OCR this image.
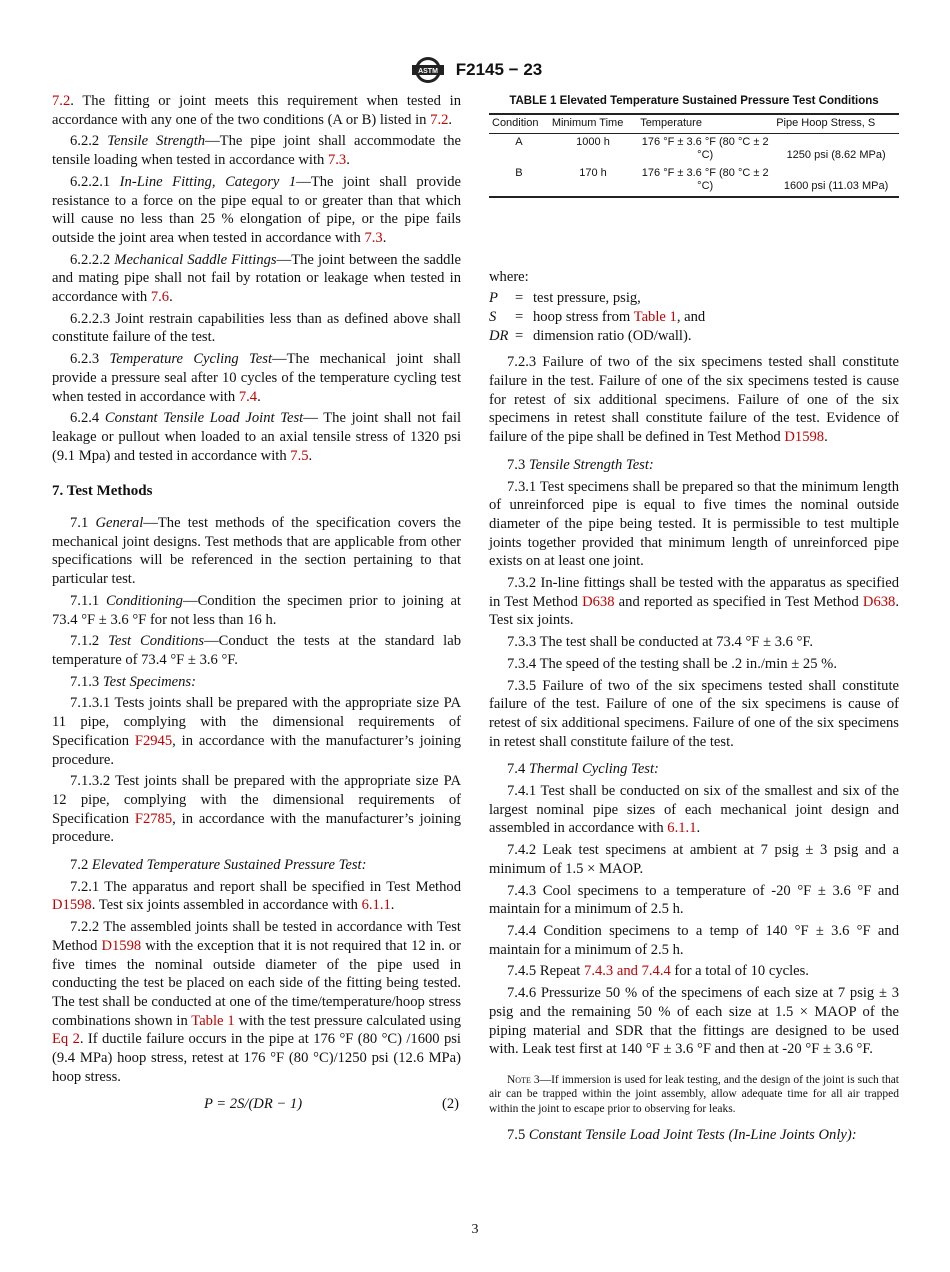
ASTM F2145 − 23

7.2. The fitting or joint meets this requirement when tested in accordance with any one of the two conditions (A or B) listed in 7.2.

6.2.2 Tensile Strength—The pipe joint shall accommodate the tensile loading when tested in accordance with 7.3.

6.2.2.1 In-Line Fitting, Category 1—The joint shall provide resistance to a force on the pipe equal to or greater than that which will cause no less than 25 % elongation of pipe, or the pipe fails outside the joint area when tested in accordance with 7.3.

6.2.2.2 Mechanical Saddle Fittings—The joint between the saddle and mating pipe shall not fail by rotation or leakage when tested in accordance with 7.6.

6.2.2.3 Joint restrain capabilities less than as defined above shall constitute failure of the test.

6.2.3 Temperature Cycling Test—The mechanical joint shall provide a pressure seal after 10 cycles of the temperature cycling test when tested in accordance with 7.4.

6.2.4 Constant Tensile Load Joint Test— The joint shall not fail leakage or pullout when loaded to an axial tensile stress of 1320 psi (9.1 Mpa) and tested in accordance with 7.5.

7. Test Methods

7.1 General—The test methods of the specification covers the mechanical joint designs. Test methods that are applicable from other specifications will be referenced in the section pertaining to that particular test.

7.1.1 Conditioning—Condition the specimen prior to joining at 73.4 °F ± 3.6 °F for not less than 16 h.

7.1.2 Test Conditions—Conduct the tests at the standard lab temperature of 73.4 °F ± 3.6 °F.

7.1.3 Test Specimens:

7.1.3.1 Tests joints shall be prepared with the appropriate size PA 11 pipe, complying with the dimensional requirements of Specification F2945, in accordance with the manufacturer’s joining procedure.

7.1.3.2 Test joints shall be prepared with the appropriate size PA 12 pipe, complying with the dimensional requirements of Specification F2785, in accordance with the manufacturer’s joining procedure.

7.2 Elevated Temperature Sustained Pressure Test:

7.2.1 The apparatus and report shall be specified in Test Method D1598. Test six joints assembled in accordance with 6.1.1.

7.2.2 The assembled joints shall be tested in accordance with Test Method D1598 with the exception that it is not required that 12 in. or five times the nominal outside diameter of the pipe used in conducting the test be placed on each side of the fitting being tested. The test shall be conducted at one of the time/temperature/hoop stress combinations shown in Table 1 with the test pressure calculated using Eq 2. If ductile failure occurs in the pipe at 176 °F (80 °C) /1600 psi (9.4 MPa) hoop stress, retest at 176 °F (80 °C)/1250 psi (12.6 MPa) hoop stress.

P = 2S/(DR − 1)	(2)
TABLE 1 Elevated Temperature Sustained Pressure Test Conditions
Condition	Minimum Time	Temperature	Pipe Hoop Stress, S
A	1000 h	176 °F ± 3.6 °F (80 °C ± 2 °C)	1250 psi (8.62 MPa)
B	170 h	176 °F ± 3.6 °F (80 °C ± 2 °C)	1600 psi (11.03 MPa)

where:

P	= test pressure, psig,
S	= hoop stress from Table 1, and
DR = dimension ratio (OD/wall).

7.2.3 Failure of two of the six specimens tested shall constitute failure in the test. Failure of one of the six specimens tested is cause for retest of six additional specimens. Failure of one of the six specimens in retest shall constitute failure of the test. Evidence of failure of the pipe shall be defined in Test Method D1598.

7.3 Tensile Strength Test:

7.3.1 Test specimens shall be prepared so that the minimum length of unreinforced pipe is equal to five times the nominal outside diameter of the pipe being tested. It is permissible to test multiple joints together provided that minimum length of unreinforced pipe exists on at least one joint.

7.3.2 In-line fittings shall be tested with the apparatus as specified in Test Method D638 and reported as specified in Test Method D638. Test six joints.

7.3.3 The test shall be conducted at 73.4 °F ± 3.6 °F.

7.3.4 The speed of the testing shall be .2 in./min ± 25 %.

7.3.5 Failure of two of the six specimens tested shall constitute failure of the test. Failure of one of the six specimens is cause of retest of six additional specimens. Failure of one of the six specimens in retest shall constitute failure of the test.

7.4 Thermal Cycling Test:

7.4.1 Test shall be conducted on six of the smallest and six of the largest nominal pipe sizes of each mechanical joint design and assembled in accordance with 6.1.1.

7.4.2 Leak test specimens at ambient at 7 psig ± 3 psig and a minimum of 1.5 × MAOP.

7.4.3 Cool specimens to a temperature of -20 °F ± 3.6 °F and maintain for a minimum of 2.5 h.

7.4.4 Condition specimens to a temp of 140 °F ± 3.6 °F and maintain for a minimum of 2.5 h.

7.4.5 Repeat 7.4.3 and 7.4.4 for a total of 10 cycles.

7.4.6 Pressurize 50 % of the specimens of each size at 7 psig ± 3 psig and the remaining 50 % of each size at 1.5 × MAOP of the piping material and SDR that the fittings are designed to be used with. Leak test first at 140 °F ± 3.6 °F and then at -20 °F ± 3.6 °F.

Note 3—If immersion is used for leak testing, and the design of the joint is such that air can be trapped within the joint assembly, allow adequate time for all air trapped within the joint to escape prior to observing for leaks.

7.5 Constant Tensile Load Joint Tests (In-Line Joints Only):

3
